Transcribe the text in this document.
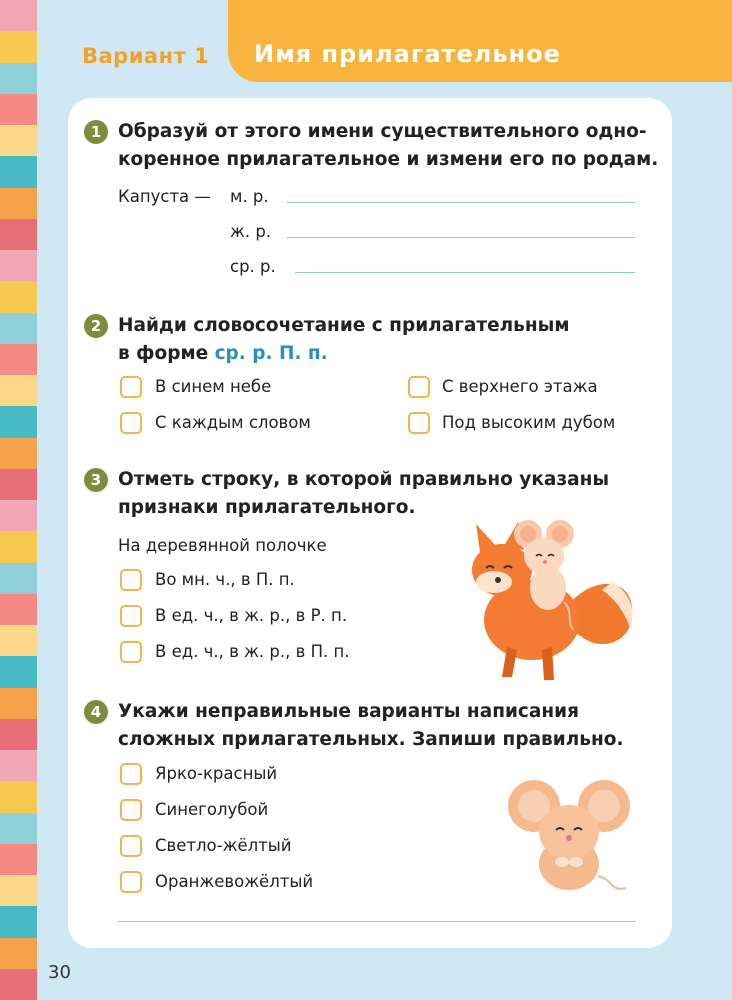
Вариант 1 Имя прилагательное
1 Образуй от этого имени существительного одно-
коренное прилагательное и измени его по родам.
Капуста — м. р.
ж. р.
ср. р.
2 Найди словосочетание с прилагательным
в форме ср. р. П. п.
В синем небе	С верхнего этажа
С каждым словом	Под высоким дубом
3 Отметь строку, в которой правильно указаны
признаки прилагательного.
На деревянной полочке
Во мн. ч., в П. п.
В ед. ч., в ж. р., в Р. п.
В ед. ч., в ж. р., в П. п.
4 Укажи неправильные варианты написания
сложных прилагательных. Запиши правильно.
Ярко-красный
Синеголубой
Светло-жёлтый
Оранжевожёлтый
30
